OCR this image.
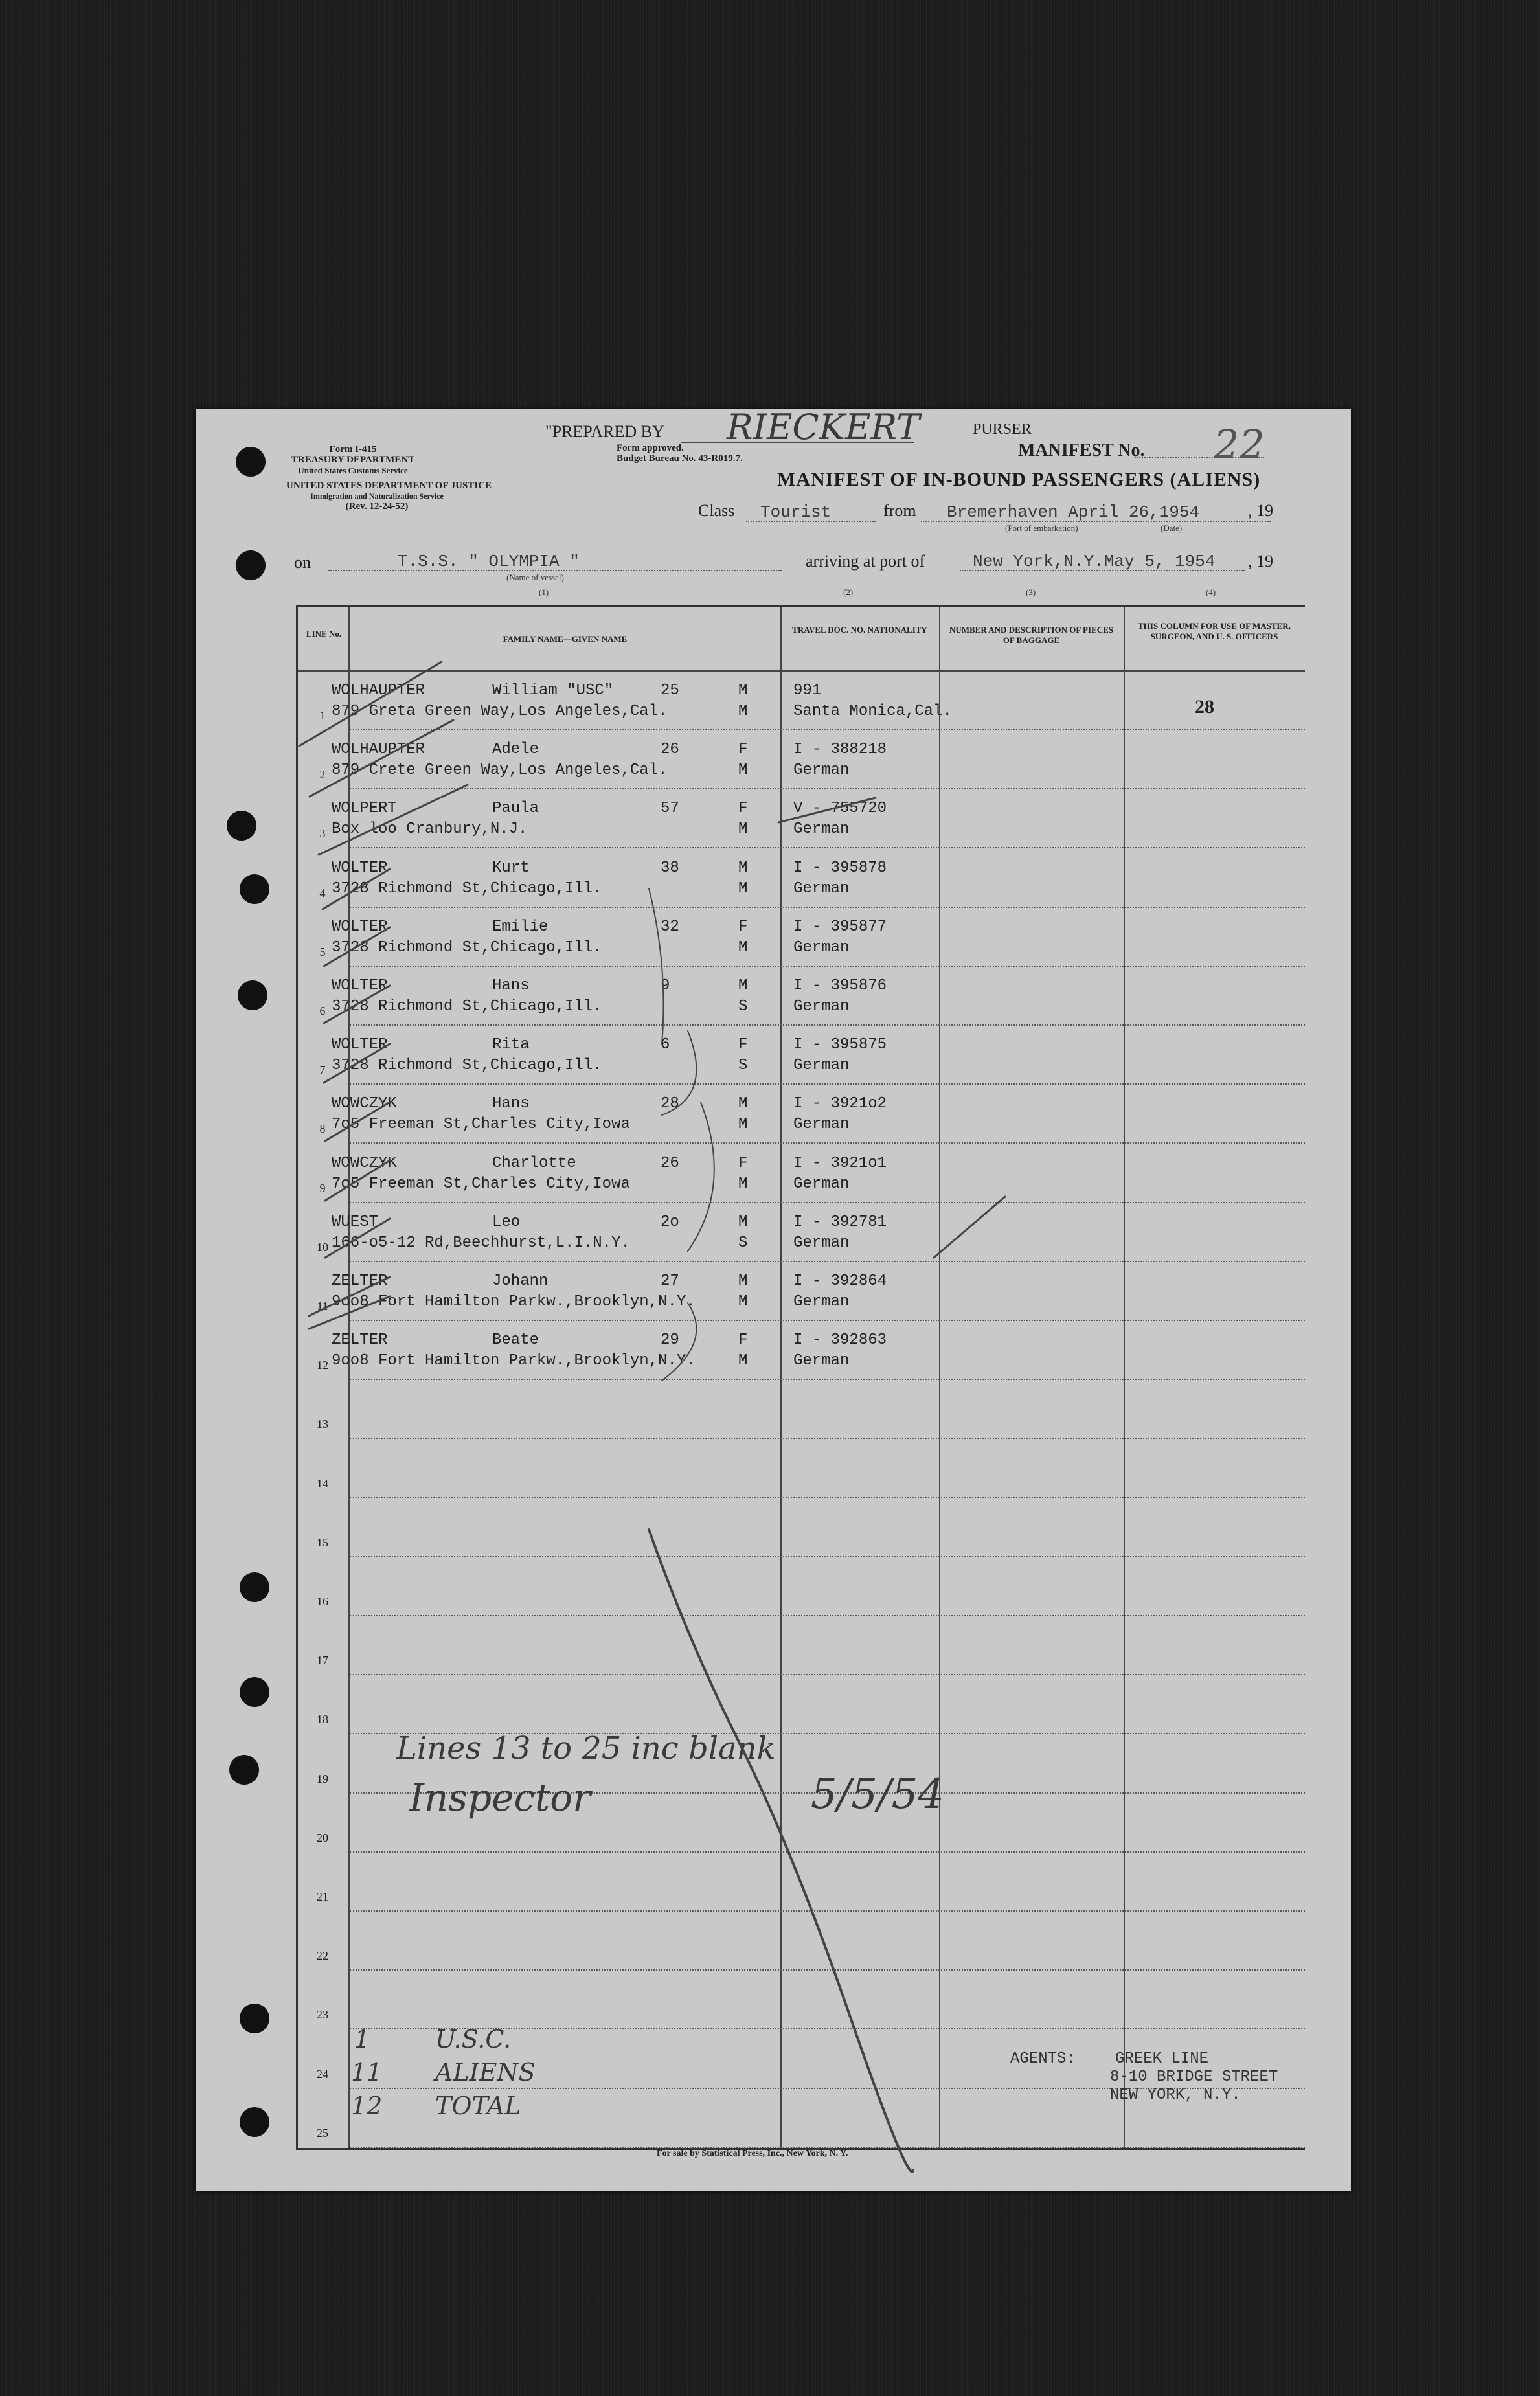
"PREPARED BY RIECKERT	PURSER
Form I-415
TREASURY DEPARTMENT
United States Customs Service
UNITED STATES DEPARTMENT OF JUSTICE
Immigration and Naturalization Service
(Rev. 12-24-52)
Form approved.
Budget Bureau No. 43-R019.7.	MANIFEST No. 22
MANIFEST OF IN-BOUND PASSENGERS (ALIENS)
Class Tourist	from Bremerhaven April 26,1954
(Port of embarkation)	(Date)
, 19
on	T.S.S. " OLYMPIA "
(Name of vessel)
arriving at port of	New York,N.Y.May 5, 1954 , 19
(1)	(2)	(3)	(4)
LINE No.
FAMILY NAME—GIVEN NAME
TRAVEL DOC. NO. NATIONALITY	NUMBER AND DESCRIPTION OF PIECES OF BAGGAGE
THIS COLUMN FOR USE OF MASTER, SURGEON, AND U. S. OFFICERS
1
WOLHAUPTER	William "USC"	25	M
879 Greta Green Way,Los Angeles,Cal.	M
991
Santa Monica,Cal.	28
2
WOLHAUPTER	Adele	26	F
879 Crete Green Way,Los Angeles,Cal.	M
I - 388218
German
3
WOLPERT	Paula	57	F
Box loo Cranbury,N.J.	M
V - 755720
German
4
WOLTER	Kurt	38	M
3728 Richmond St,Chicago,Ill.	M
I - 395878
German
5
WOLTER	Emilie	32	F
3728 Richmond St,Chicago,Ill.	M
I - 395877
German
6
WOLTER	Hans	9	M
3728 Richmond St,Chicago,Ill.	S
I - 395876
German
7
WOLTER	Rita	6	F
3728 Richmond St,Chicago,Ill.	S
I - 395875
German
8
WOWCZYK	Hans	28	M
7o5 Freeman St,Charles City,Iowa	M
I - 3921o2
German
9
WOWCZYK	Charlotte	26	F
7o5 Freeman St,Charles City,Iowa	M
I - 3921o1
German
10
WUEST	Leo	2o	M
166-o5-12 Rd,Beechhurst,L.I.N.Y.	S
I - 392781
German
11
ZELTER	Johann	27	M
9oo8 Fort Hamilton Parkw.,Brooklyn,N.Y.	M
I - 392864
German
12
ZELTER	Beate	29	F
9oo8 Fort Hamilton Parkw.,Brooklyn,N.Y.	M
I - 392863
German
13
14
15
16
17
18
19
20
21
22
23
24
25
Lines 13 to 25 inc blank
Inspector	5/5/54
1	U.S.C.
11 ALIENS
12 TOTAL
AGENTS:	GREEK LINE
8-10 BRIDGE STREET
NEW YORK, N.Y.
For sale by Statistical Press, Inc., New York, N. Y.
